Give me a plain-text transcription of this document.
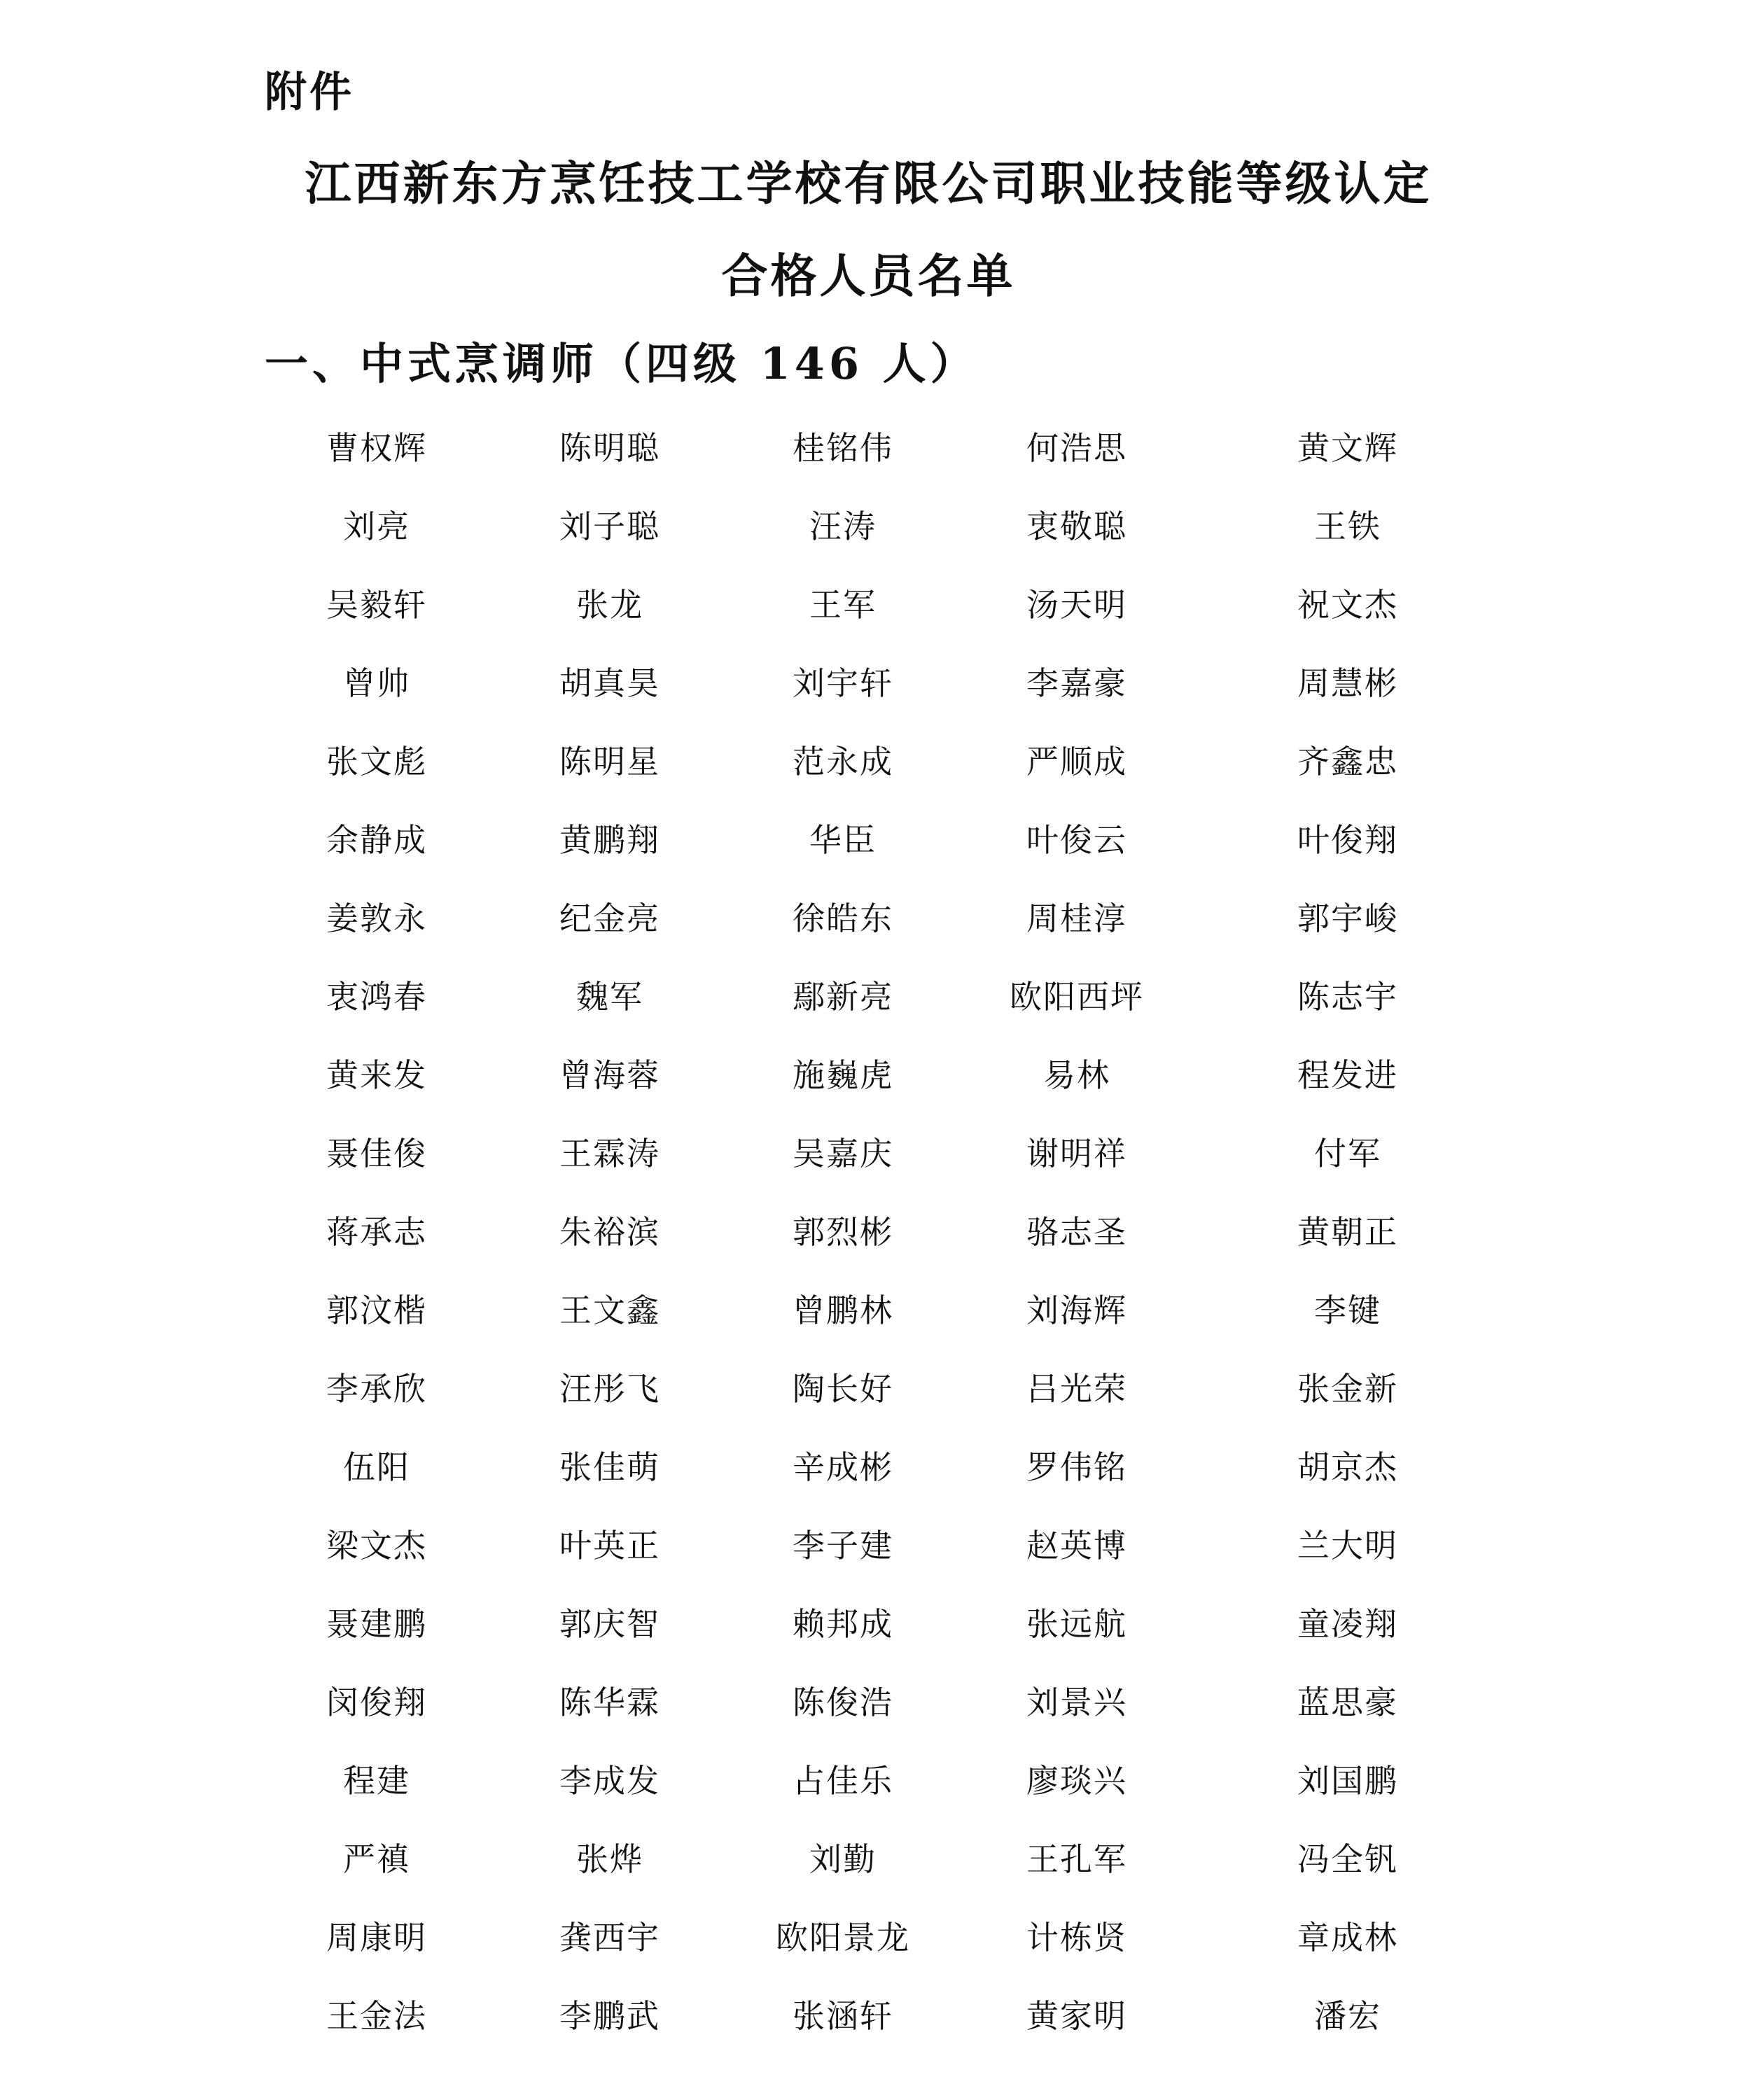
附件

江西新东方烹饪技工学校有限公司职业技能等级认定
合格人员名单
一、中式烹调师（四级 146 人）
曹权辉	陈明聪	桂铭伟	何浩思	黄文辉
刘亮	刘子聪	汪涛	衷敬聪	王铁
吴毅轩	张龙	王军	汤天明	祝文杰
曾帅	胡真昊	刘宇轩	李嘉豪	周慧彬
张文彪	陈明星	范永成	严顺成	齐鑫忠
余静成	黄鹏翔	华臣	叶俊云	叶俊翔
姜敦永	纪金亮	徐皓东	周桂淳	郭宇峻
衷鸿春	魏军	鄢新亮	欧阳西坪	陈志宇
黄来发	曾海蓉	施巍虎	易林	程发进
聂佳俊	王霖涛	吴嘉庆	谢明祥	付军
蒋承志	朱裕滨	郭烈彬	骆志圣	黄朝正
郭汶楷	王文鑫	曾鹏林	刘海辉	李键
李承欣	汪彤飞	陶长好	吕光荣	张金新
伍阳	张佳萌	辛成彬	罗伟铭	胡京杰
梁文杰	叶英正	李子建	赵英博	兰大明
聂建鹏	郭庆智	赖邦成	张远航	童凌翔
闵俊翔	陈华霖	陈俊浩	刘景兴	蓝思豪
程建	李成发	占佳乐	廖琰兴	刘国鹏
严禛	张烨	刘勤	王孔军	冯全钒
周康明	龚西宇	欧阳景龙	计栋贤	章成林
王金法	李鹏武	张涵轩	黄家明	潘宏
